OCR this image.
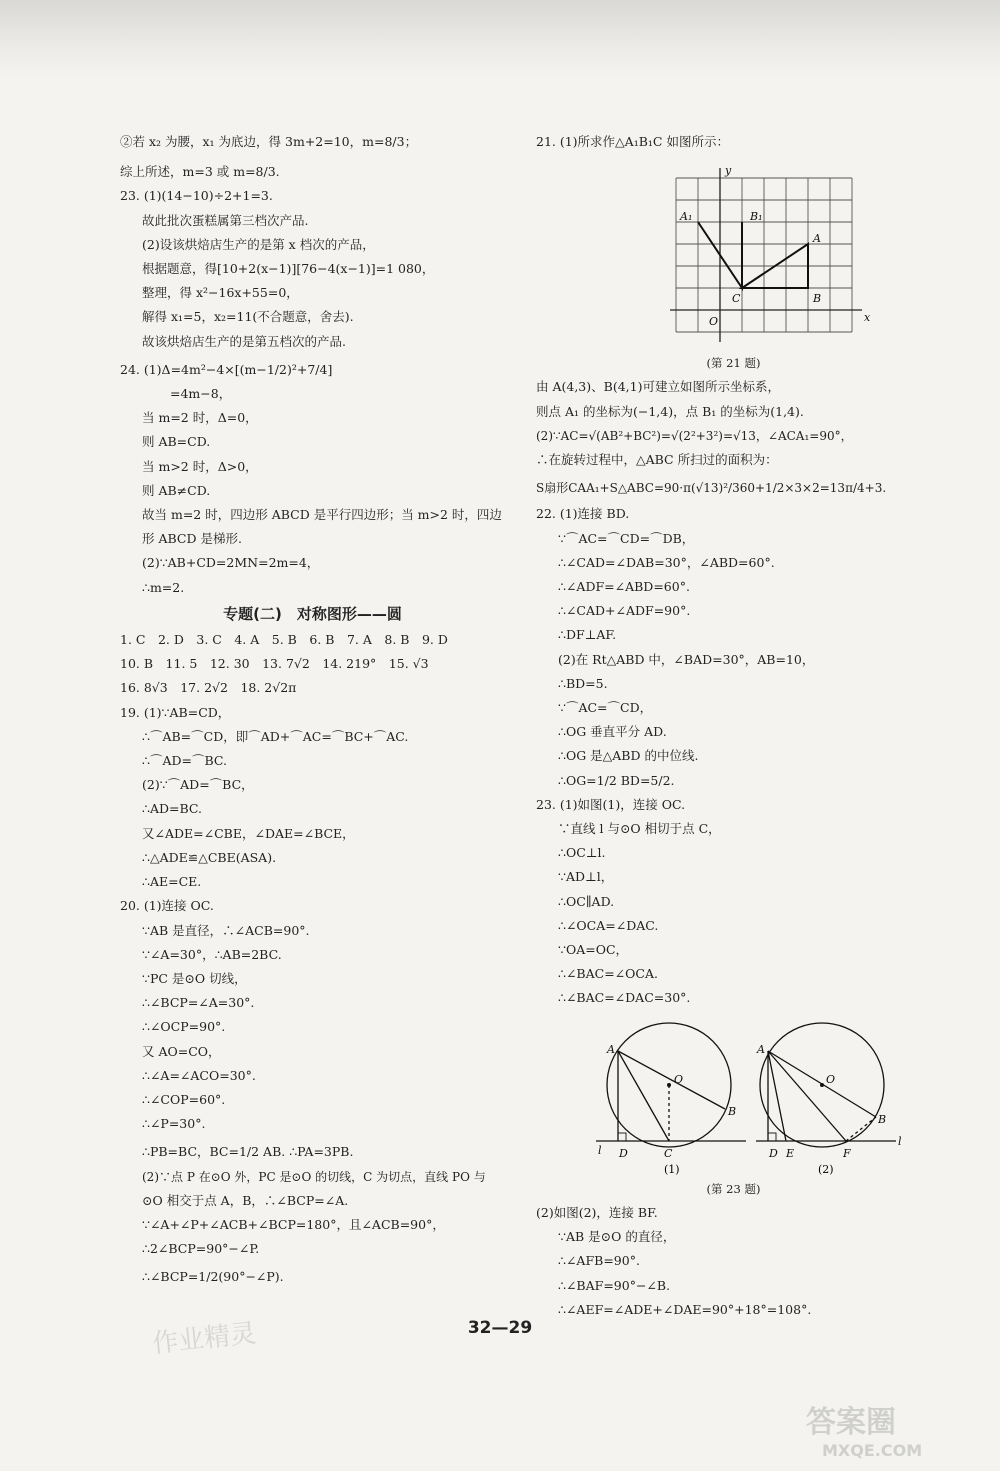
②若 x₂ 为腰，x₁ 为底边，得 3m+2=10，m=8/3；
综上所述，m=3 或 m=8/3.
23. (1)(14−10)÷2+1=3.
故此批次蛋糕属第三档次产品.
(2)设该烘焙店生产的是第 x 档次的产品，
根据题意，得[10+2(x−1)][76−4(x−1)]=1 080，
整理，得 x²−16x+55=0，
解得 x₁=5，x₂=11(不合题意，舍去).
故该烘焙店生产的是第五档次的产品.
24. (1)Δ=4m²−4×[(m−1/2)²+7/4]
=4m−8，
当 m=2 时，Δ=0，
则 AB=CD.
当 m>2 时，Δ>0，
则 AB≠CD.
故当 m=2 时，四边形 ABCD 是平行四边形；当 m>2 时，四边
形 ABCD 是梯形.
(2)∵AB+CD=2MN=2m=4，
∴m=2.
专题(二)　对称图形——圆
1. C　2. D　3. C　4. A　5. B　6. B　7. A　8. B　9. D
10. B　11. 5　12. 30　13. 7√2　14. 219°　15. √3
16. 8√3　17. 2√2　18. 2√2π
19. (1)∵AB=CD，
∴⌒AB=⌒CD，即⌒AD+⌒AC=⌒BC+⌒AC.
∴⌒AD=⌒BC.
(2)∵⌒AD=⌒BC，
∴AD=BC.
又∠ADE=∠CBE，∠DAE=∠BCE，
∴△ADE≌△CBE(ASA).
∴AE=CE.
20. (1)连接 OC.
∵AB 是直径，∴∠ACB=90°.
∵∠A=30°，∴AB=2BC.
∵PC 是⊙O 切线，
∴∠BCP=∠A=30°.
∴∠OCP=90°.
又 AO=CO，
∴∠A=∠ACO=30°.
∴∠COP=60°.
∴∠P=30°.
∴PB=BC，BC=1/2 AB. ∴PA=3PB.
(2)∵点 P 在⊙O 外，PC 是⊙O 的切线，C 为切点，直线 PO 与
⊙O 相交于点 A，B，∴∠BCP=∠A.
∵∠A+∠P+∠ACB+∠BCP=180°，且∠ACB=90°，
∴2∠BCP=90°−∠P.
∴∠BCP=1/2(90°−∠P).
21. (1)所求作△A₁B₁C 如图所示：
y
x
O
A₁	B₁
A
B
C
(第 21 题)
由 A(4,3)、B(4,1)可建立如图所示坐标系，
则点 A₁ 的坐标为(−1,4)，点 B₁ 的坐标为(1,4).
(2)∵AC=√(AB²+BC²)=√(2²+3²)=√13，∠ACA₁=90°，
∴在旋转过程中，△ABC 所扫过的面积为：
S扇形CAA₁+S△ABC=90·π(√13)²/360+1/2×3×2=13π/4+3.
22. (1)连接 BD.
∵⌒AC=⌒CD=⌒DB，
∴∠CAD=∠DAB=30°，∠ABD=60°.
∴∠ADF=∠ABD=60°.
∴∠CAD+∠ADF=90°.
∴DF⊥AF.
(2)在 Rt△ABD 中，∠BAD=30°，AB=10，
∴BD=5.
∵⌒AC=⌒CD，
∴OG 垂直平分 AD.
∴OG 是△ABD 的中位线.
∴OG=1/2 BD=5/2.
23. (1)如图(1)，连接 OC.
∵直线 l 与⊙O 相切于点 C，
∴OC⊥l.
∵AD⊥l，
∴OC∥AD.
∴∠OCA=∠DAC.
∵OA=OC，
∴∠BAC=∠OCA.
∴∠BAC=∠DAC=30°.
A
O
B
C
D
l
A
O
B
D E	F
l
(1)	(2)
(第 23 题)
(2)如图(2)，连接 BF.
∵AB 是⊙O 的直径，
∴∠AFB=90°.
∴∠BAF=90°−∠B.
∴∠AEF=∠ADE+∠DAE=90°+18°=108°.
32—29
作业精灵
答案圈
MXQE.COM
